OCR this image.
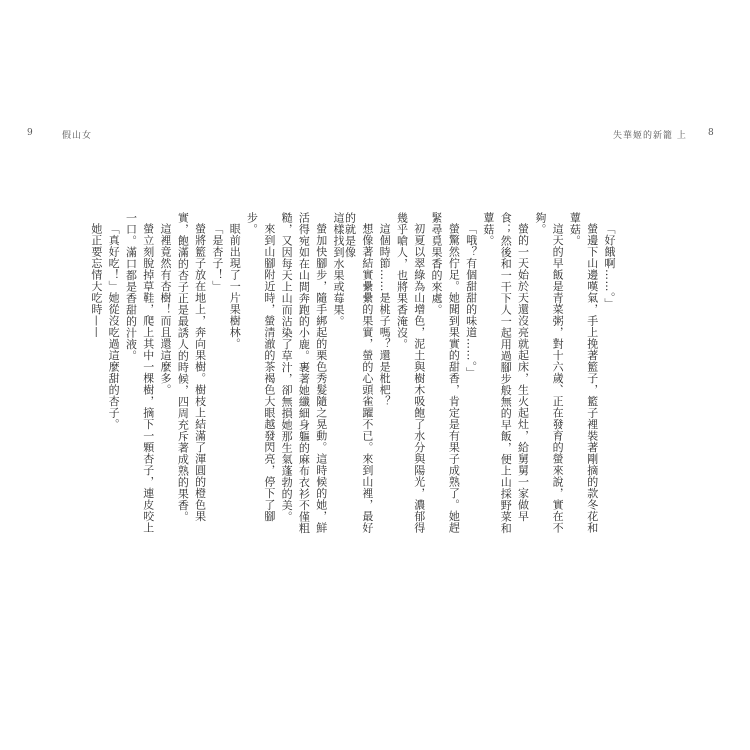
9	假山女

這樣找到水果或莓果。

螢加快腳步，隨手綁起的栗色秀髮隨之晃動。這時候的她，鮮活得宛如在山間奔跑的小鹿。裹著她纖細身軀的麻布衣衫不僅粗糙，又因每天上山而沾染了草汁，卻無損她那生氣蓬勃的美。

來到山腳附近時，螢清澈的茶褐色大眼越發閃亮，停下了腳步。

眼前出現了一片果樹林。

「是杏子！」

螢將籃子放在地上，奔向果樹。樹枝上結滿了渾圓的橙色果實，飽滿的杏子正是最誘人的時候，四周充斥著成熟的果香。

這裡竟然有杏樹！而且還這麼多。

螢立刻脫掉草鞋，爬上其中一棵樹，摘下一顆杏子，連皮咬上一口。滿口都是香甜的汁液。

「真好吃！」她從沒吃過這麼甜的杏子。

她正要忘情大吃時——

失華姬的新籠 上 8

「好餓啊……。」

螢邊下山邊嘆氣，手上挽著籃子，籃子裡裝著剛摘的款冬花和蕈菇。

這天的早飯是青菜粥，對十六歲、正在發育的螢來說，實在不夠。

螢的一天始於天還沒亮就起床，生火起灶，給舅舅一家做早食；然後和一干下人一起用過腳步般無的早飯，便上山採野菜和蕈菇。

「哦？有個甜甜的味道……。」

螢驚然佇足。她聞到果實的甜香，肯定是有果子成熟了。她趕緊尋覓果香的來處。

初夏以翠綠為山增色，泥土與樹木吸飽了水分與陽光，濃郁得幾乎嗆人，也將果香淹沒。

這個時節……是桃子嗎？還是枇杷？

想像著結實纍纍的果實，螢的心頭雀躍不已。來到山裡，最好的就是像
